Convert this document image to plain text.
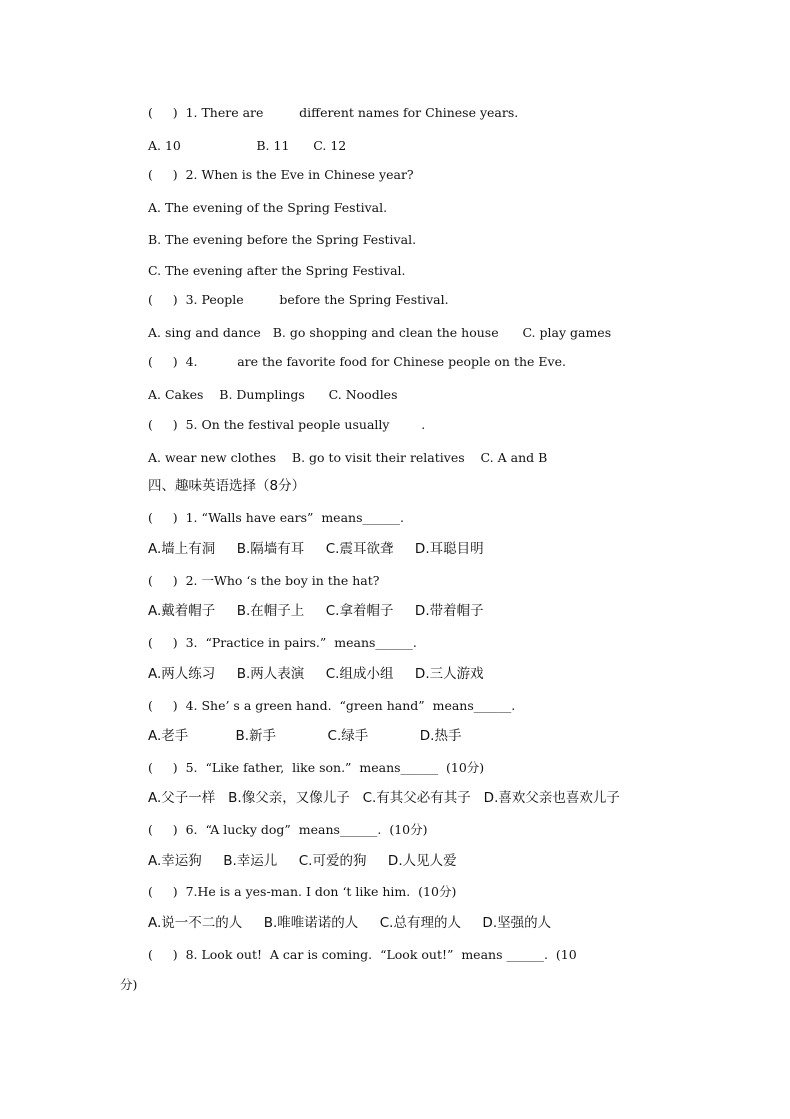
(     )  1. There are         different names for Chinese years.
A. 10                   B. 11      C. 12
(     )  2. When is the Eve in Chinese year?
A. The evening of the Spring Festival.
B. The evening before the Spring Festival.
C. The evening after the Spring Festival.
(     )  3. People         before the Spring Festival.
A. sing and dance   B. go shopping and clean the house      C. play games
(     )  4.          are the favorite food for Chinese people on the Eve.
A. Cakes    B. Dumplings      C. Noodles
(     )  5. On the festival people usually        .
A. wear new clothes    B. go to visit their relatives    C. A and B
四、趣味英语选择（8分）
(     )  1. “Walls have ears”  means______.
A.墙上有洞     B.隔墙有耳     C.震耳欲聋     D.耳聪目明
(     )  2. 一Who ‘s the boy in the hat?
A.戴着帽子     B.在帽子上     C.拿着帽子     D.带着帽子
(     )  3.  “Practice in pairs.”  means______.
A.两人练习     B.两人表演     C.组成小组     D.三人游戏
(     )  4. She’ s a green hand.  “green hand”  means______.
A.老手           B.新手            C.绿手            D.热手
(     )  5.  “Like father,  like son.”  means______  (10分)
A.父子一样   B.像父亲，又像儿子   C.有其父必有其子   D.喜欢父亲也喜欢儿子
(     )  6.  “A lucky dog”  means______.  (10分)
A.幸运狗     B.幸运儿     C.可爱的狗     D.人见人爱
(     )  7.He is a yes-man. I don ‘t like him.  (10分)
A.说一不二的人     B.唯唯诺诺的人     C.总有理的人     D.坚强的人
(     )  8. Look out!  A car is coming.  “Look out!”  means ______.  (10
分)
